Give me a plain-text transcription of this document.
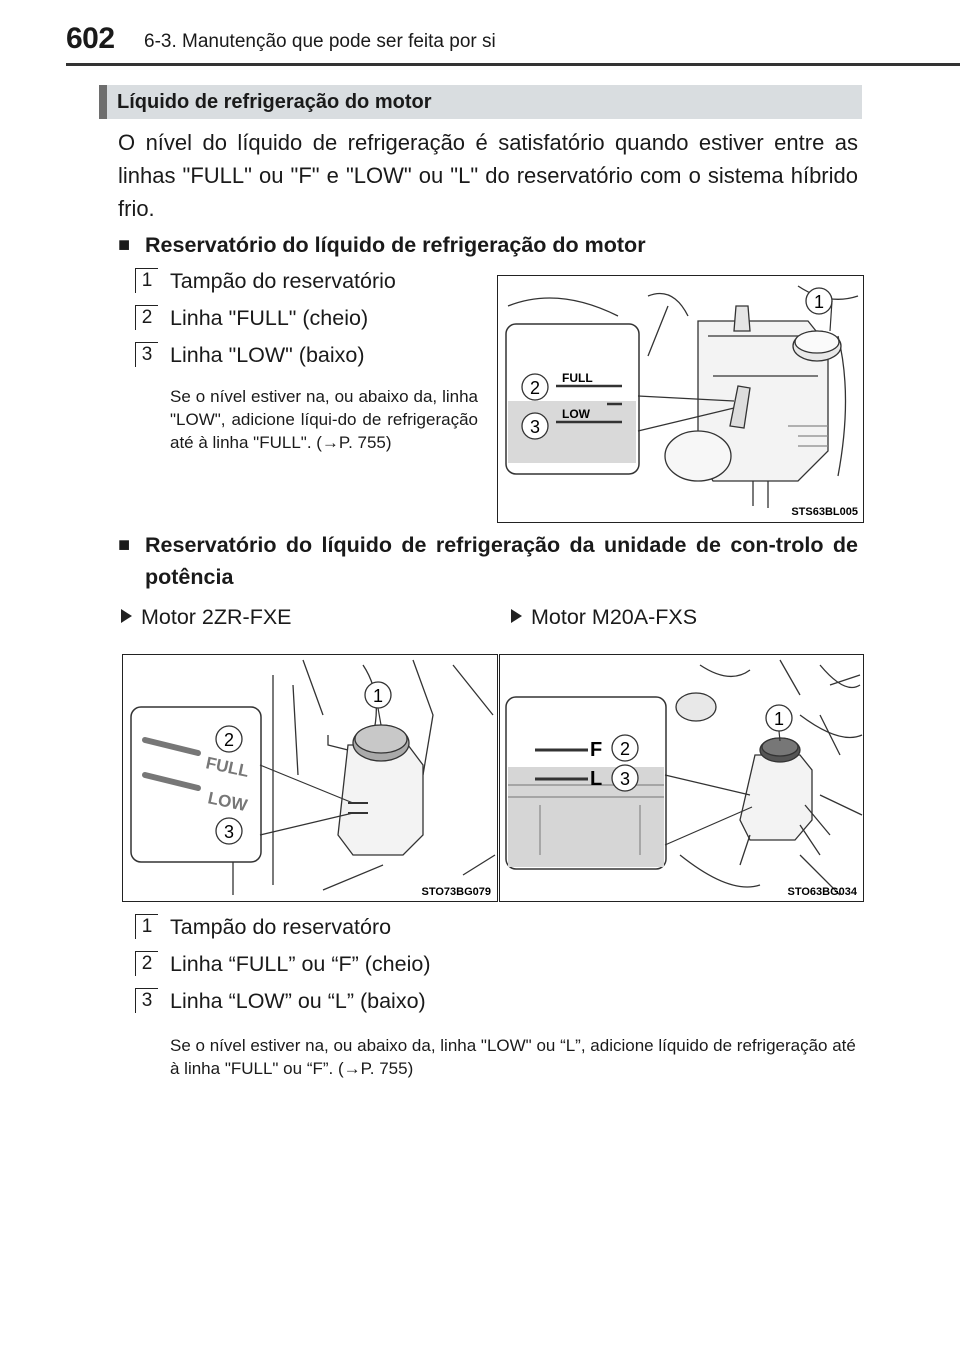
602 6-3. Manutenção que pode ser feita por si
Líquido de refrigeração do motor
O nível do líquido de refrigeração é satisfatório quando estiver entre as linhas "FULL" ou "F" e "LOW" ou "L" do reservatório com o sistema híbrido frio.
■ Reservatório do líquido de refrigeração do motor
1 Tampão do reservatório
2 Linha "FULL" (cheio)
3 Linha "LOW" (baixo)
Se o nível estiver na, ou abaixo da, linha "LOW", adicione líqui-do de refrigeração até à linha "FULL". (→P. 755)
FULL
LOW
1
2
3
STS63BL005
■ Reservatório do líquido de refrigeração da unidade de con-trolo de potência
Motor 2ZR-FXE	Motor M20A-FXS
FULL
LOW
1
2
3
STO73BG079
F
L
1
2
3
STO63BG034
1 Tampão do reservatóro
2 Linha “FULL” ou “F” (cheio)
3 Linha “LOW” ou “L” (baixo)
Se o nível estiver na, ou abaixo da, linha "LOW" ou “L”, adicione líquido de refrigeração até à linha "FULL" ou “F”. (→P. 755)
